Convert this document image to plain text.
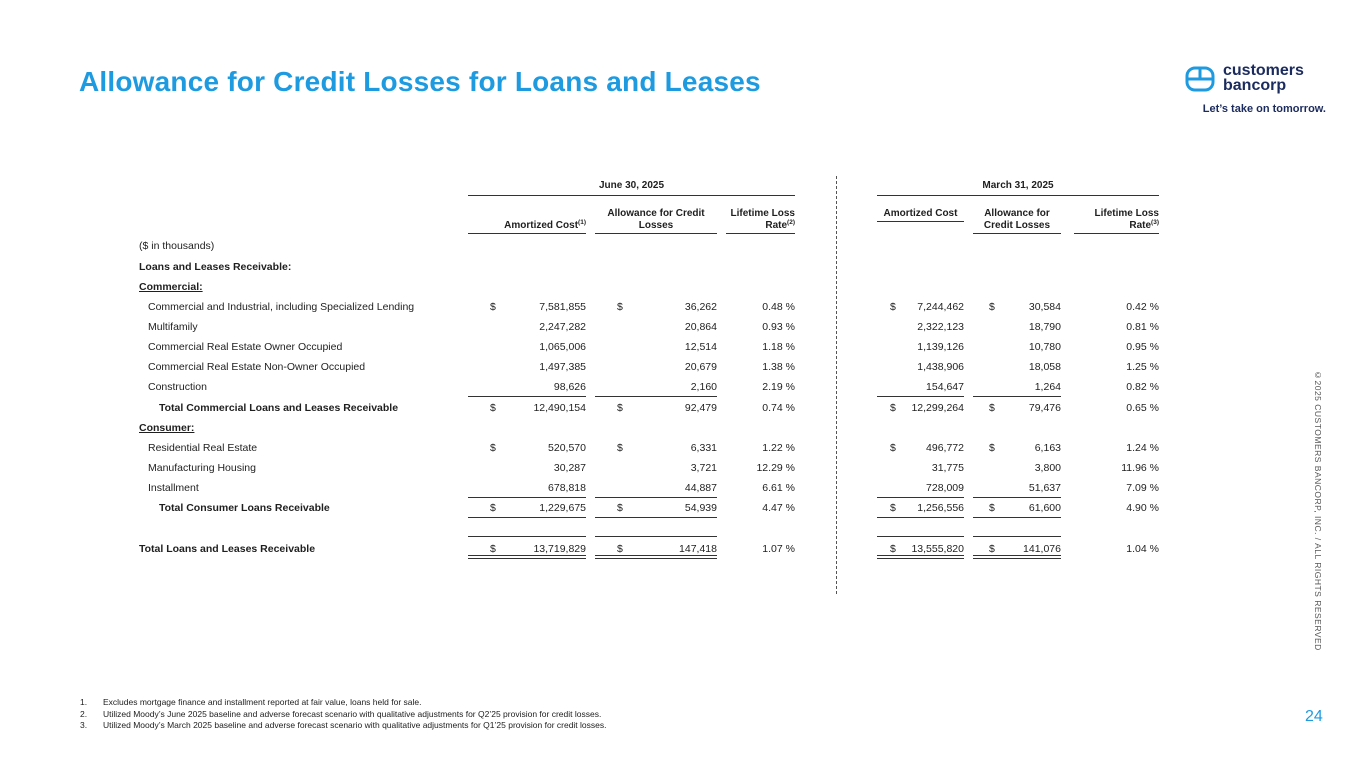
Allowance for Credit Losses for Loans and Leases	customers
bancorp
Let’s take on tomorrow.
©2025 CUSTOMERS BANCORP, INC. / ALL RIGHTS RESERVED
June 30, 2025	March 31, 2025
Amortized Cost$^{(1)}$
Allowance for Credit Losses
Lifetime Loss Rate$^{(2)}$
Amortized Cost	Allowance for Credit Losses
Lifetime Loss Rate$^{(3)}$
($ in thousands)
Loans and Leases Receivable:
Commercial:
Commercial and Industrial, including Specialized Lending	$	7,581,855	$	36,262	0.48 %	$ 7,244,462 $	30,584	0.42 %
Multifamily	2,247,282	20,864	0.93 %	2,322,123	18,790	0.81 %
Commercial Real Estate Owner Occupied	1,065,006	12,514	1.18 %	1,139,126	10,780	0.95 %
Commercial Real Estate Non-Owner Occupied	1,497,385	20,679	1.38 %	1,438,906	18,058	1.25 %
Construction	98,626	2,160	2.19 %	154,647	1,264	0.82 %
Total Commercial Loans and Leases Receivable	$	12,490,154	$	92,479	0.74 %	$ 12,299,264 $	79,476	0.65 %
Consumer:
Residential Real Estate	$	520,570	$	6,331	1.22 %	$	496,772 $	6,163	1.24 %
Manufacturing Housing	30,287	3,721	12.29 %	31,775	3,800	11.96 %
Installment	678,818	44,887	6.61 %	728,009	51,637	7.09 %
Total Consumer Loans Receivable	$	1,229,675	$	54,939	4.47 %	$ 1,256,556 $	61,600	4.90 %
Total Loans and Leases Receivable	$	13,719,829	$	147,418	1.07 %	$ 13,555,820 $	141,076	1.04 %
1.	Excludes mortgage finance and installment reported at fair value, loans held for sale.
2.	Utilized Moody’s June 2025 baseline and adverse forecast scenario with qualitative adjustments for Q2’25 provision for credit losses.
3.	Utilized Moody’s March 2025 baseline and adverse forecast scenario with qualitative adjustments for Q1’25 provision for credit losses.	24
